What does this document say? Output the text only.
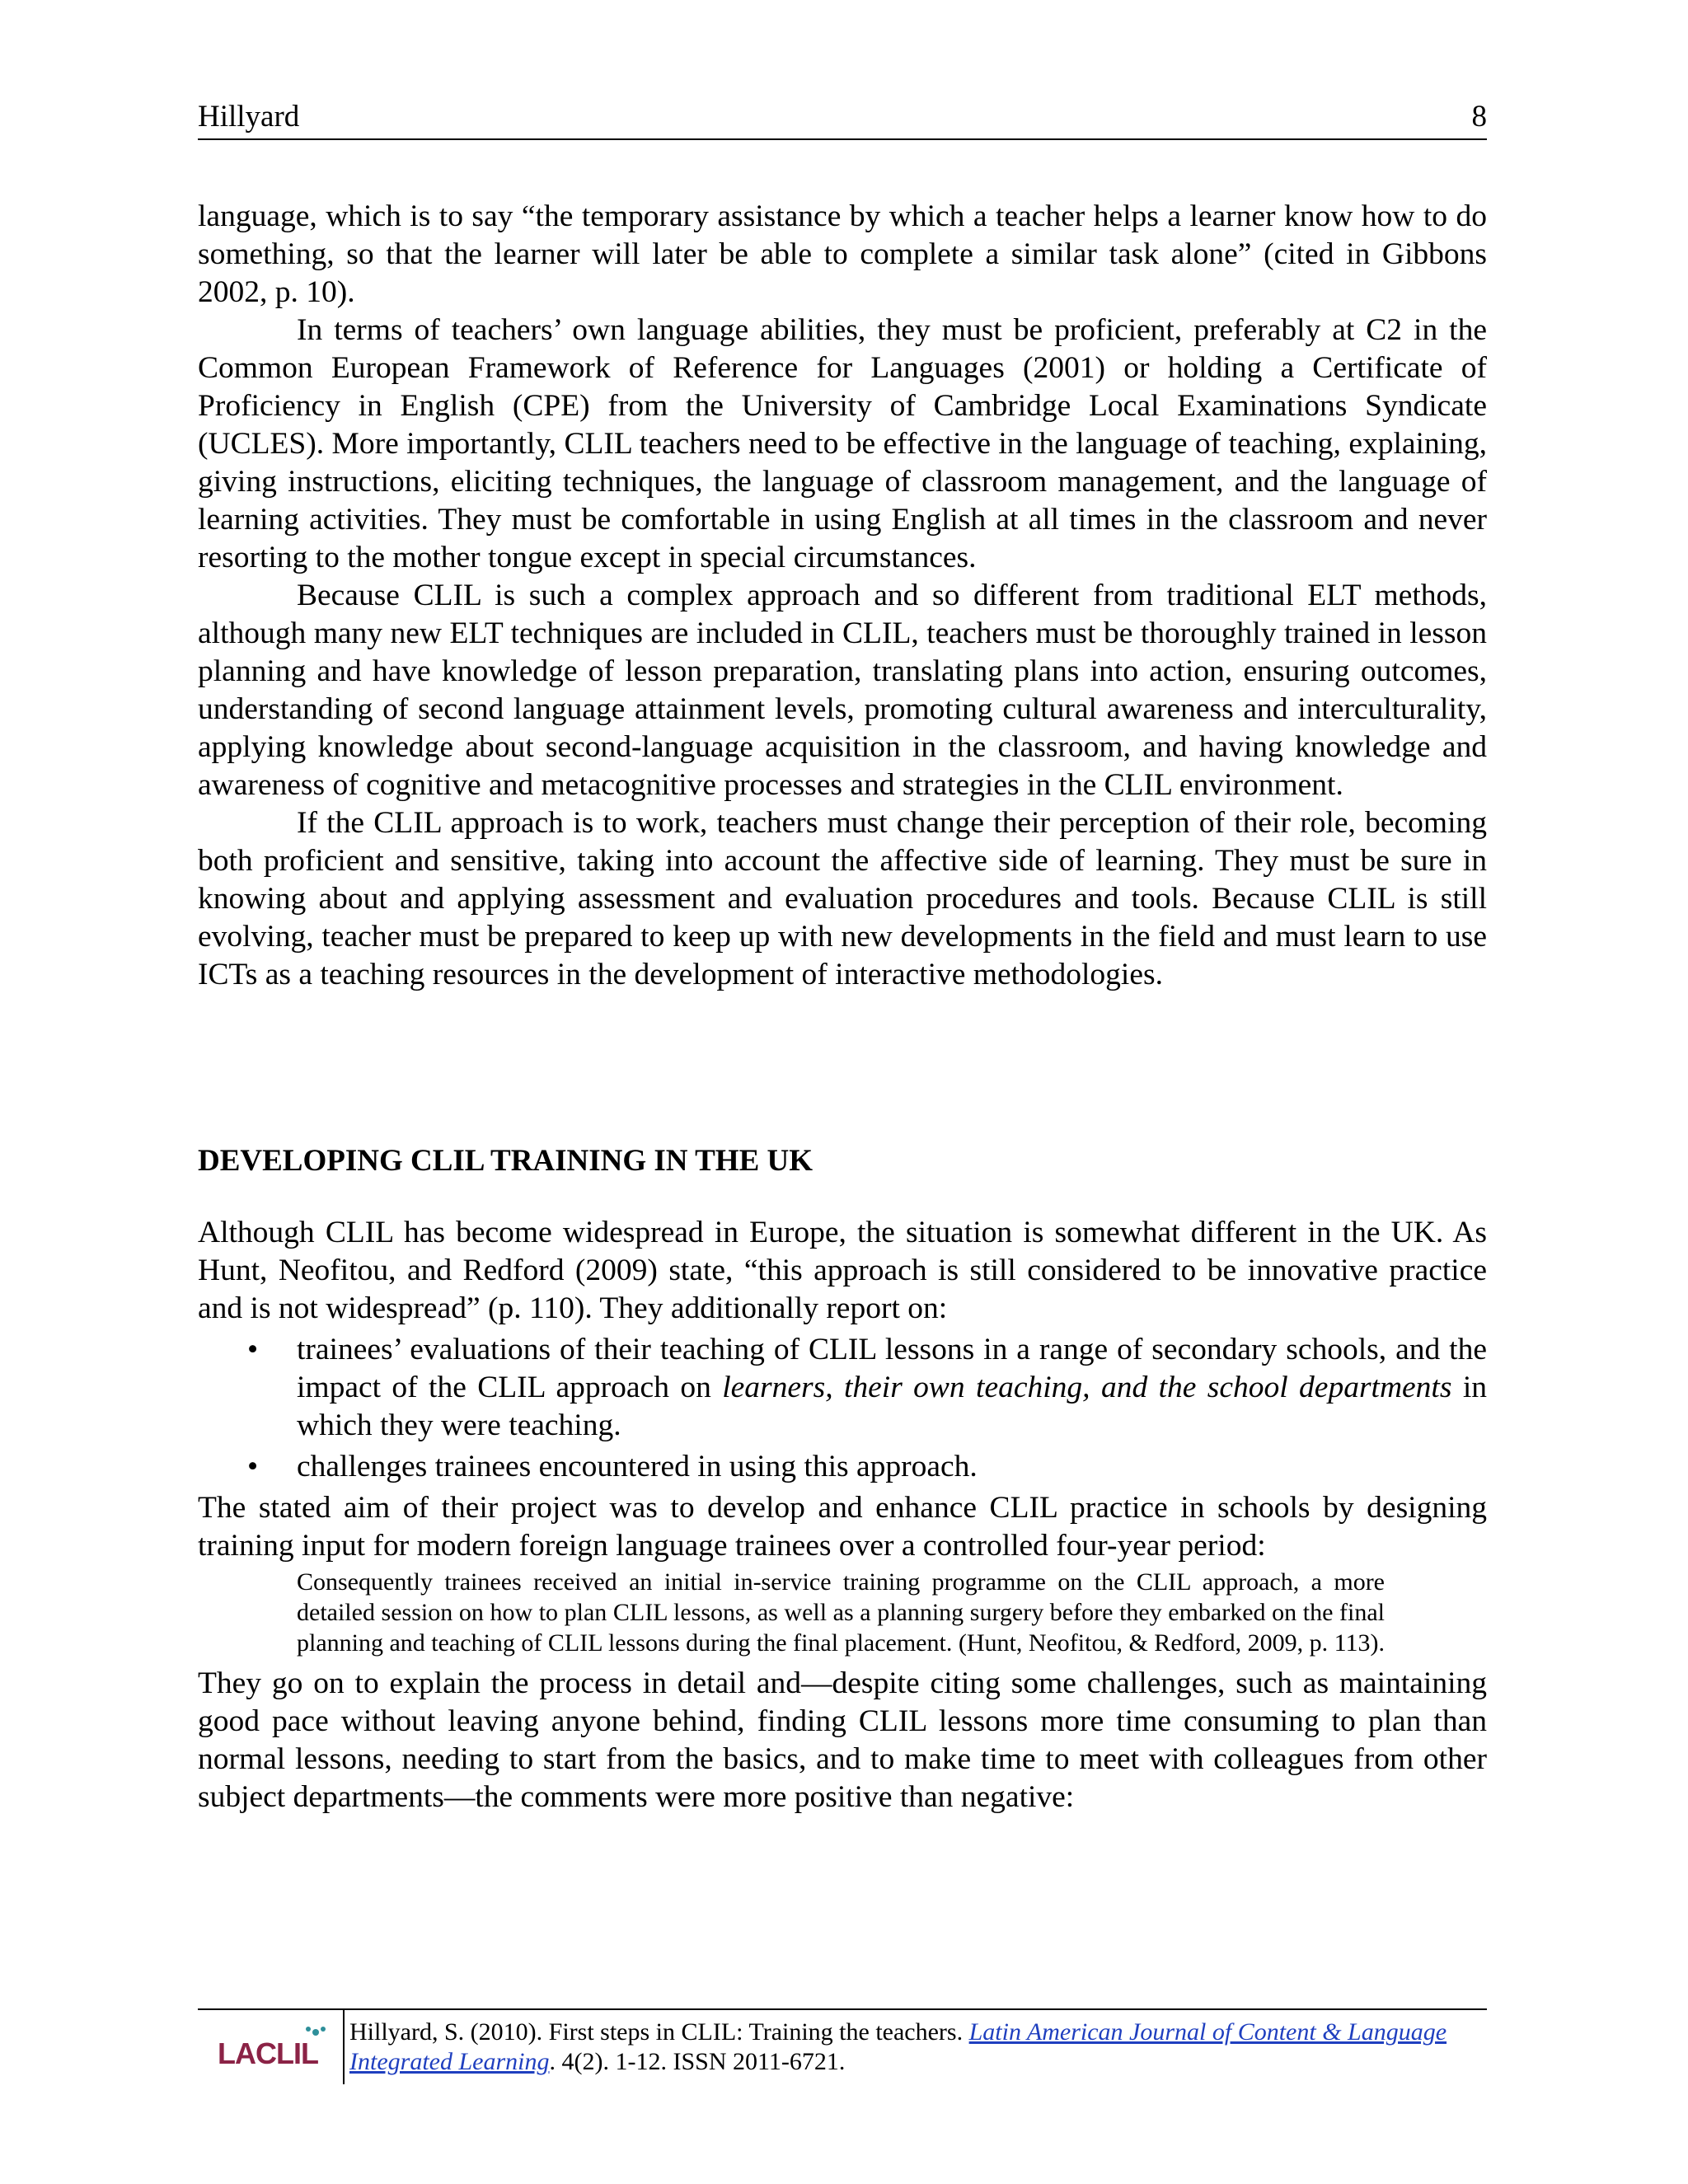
Hillyard	8

language, which is to say “the temporary assistance by which a teacher helps a learner know how to do something, so that the learner will later be able to complete a similar task alone” (cited in Gibbons 2002, p. 10).

In terms of teachers’ own language abilities, they must be proficient, preferably at C2 in the Common European Framework of Reference for Languages (2001) or holding a Certificate of Proficiency in English (CPE) from the University of Cambridge Local Examinations Syndicate (UCLES). More importantly, CLIL teachers need to be effective in the language of teaching, explaining, giving instructions, eliciting techniques, the language of classroom management, and the language of learning activities. They must be comfortable in using English at all times in the classroom and never resorting to the mother tongue except in special circumstances.

Because CLIL is such a complex approach and so different from traditional ELT methods, although many new ELT techniques are included in CLIL, teachers must be thoroughly trained in lesson planning and have knowledge of lesson preparation, translating plans into action, ensuring outcomes, understanding of second language attainment levels, promoting cultural awareness and interculturality, applying knowledge about second-language acquisition in the classroom, and having knowledge and awareness of cognitive and metacognitive processes and strategies in the CLIL environment.

If the CLIL approach is to work, teachers must change their perception of their role, becoming both proficient and sensitive, taking into account the affective side of learning. They must be sure in knowing about and applying assessment and evaluation procedures and tools. Because CLIL is still evolving, teacher must be prepared to keep up with new developments in the field and must learn to use ICTs as a teaching resources in the development of interactive methodologies.

DEVELOPING CLIL TRAINING IN THE UK

Although CLIL has become widespread in Europe, the situation is somewhat different in the UK. As Hunt, Neofitou, and Redford (2009) state, “this approach is still considered to be innovative practice and is not widespread” (p. 110). They additionally report on:

• trainees’ evaluations of their teaching of CLIL lessons in a range of secondary schools, and the impact of the CLIL approach on learners, their own teaching, and the school departments in which they were teaching.
• challenges trainees encountered in using this approach.

The stated aim of their project was to develop and enhance CLIL practice in schools by designing training input for modern foreign language trainees over a controlled four-year period:

Consequently trainees received an initial in-service training programme on the CLIL approach, a more detailed session on how to plan CLIL lessons, as well as a planning surgery before they embarked on the final planning and teaching of CLIL lessons during the final placement. (Hunt, Neofitou, & Redford, 2009, p. 113).

They go on to explain the process in detail and—despite citing some challenges, such as maintaining good pace without leaving anyone behind, finding CLIL lessons more time consuming to plan than normal lessons, needing to start from the basics, and to make time to meet with colleagues from other subject departments—the comments were more positive than negative:

LACLIL
Hillyard, S. (2010). First steps in CLIL: Training the teachers. Latin American Journal of Content & Language Integrated Learning. 4(2). 1-12. ISSN 2011-6721.
